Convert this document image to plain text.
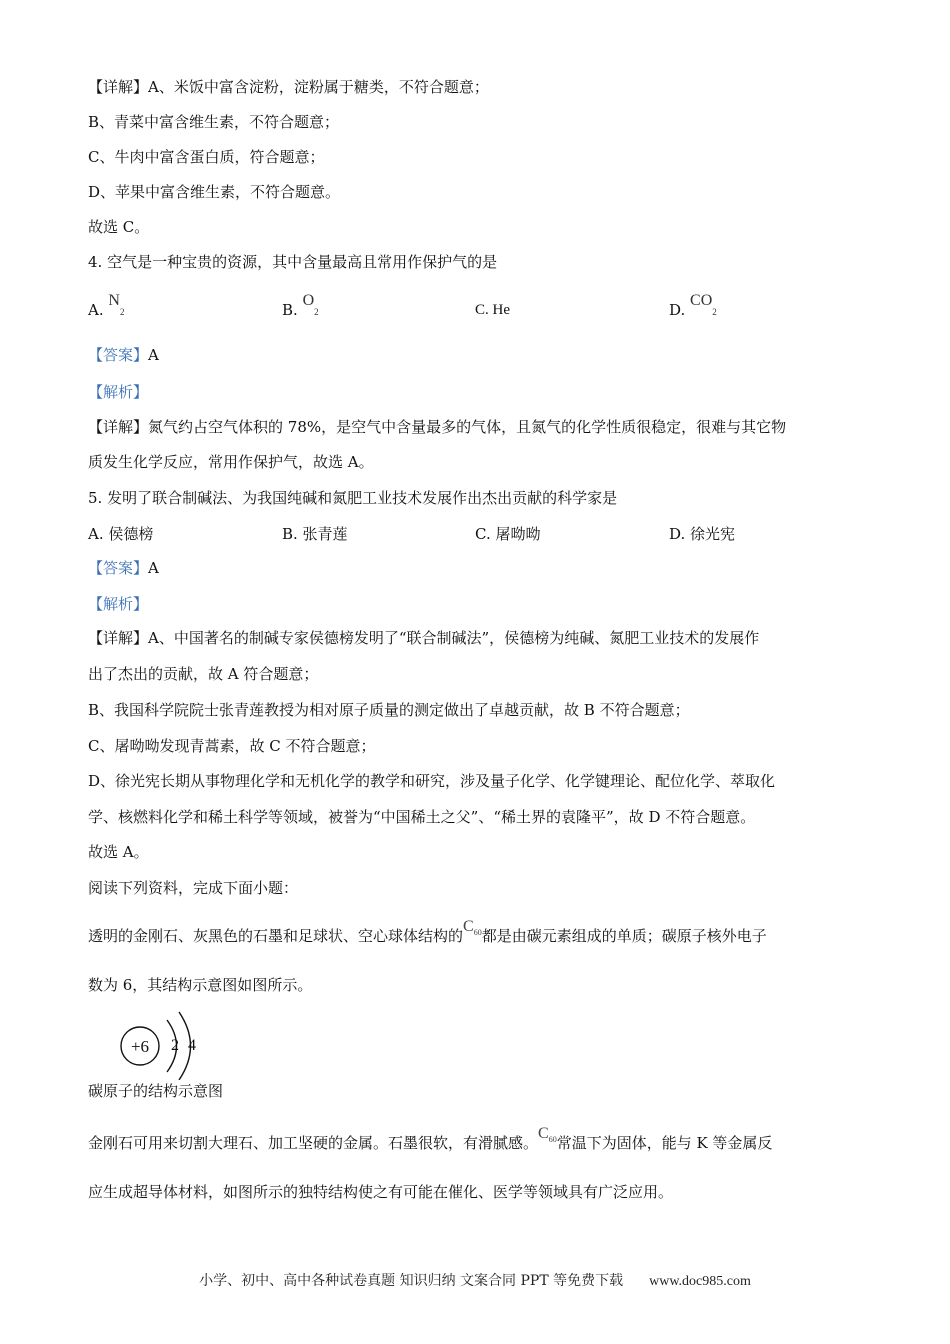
【详解】A、米饭中富含淀粉，淀粉属于糖类，不符合题意；
B、青菜中富含维生素，不符合题意；
C、牛肉中富含蛋白质，符合题意；
D、苹果中富含维生素，不符合题意。
故选 C。
4. 空气是一种宝贵的资源，其中含量最高且常用作保护气的是
A. $N_2$	B. $O_2$	C. He	D. $CO_2$
【答案】A
【解析】
【详解】氮气约占空气体积的 78%，是空气中含量最多的气体，且氮气的化学性质很稳定，很难与其它物
质发生化学反应，常用作保护气，故选 A。
5. 发明了联合制碱法、为我国纯碱和氮肥工业技术发展作出杰出贡献的科学家是
A. 侯德榜	B. 张青莲	C. 屠呦呦	D. 徐光宪
【答案】A
【解析】
【详解】A、中国著名的制碱专家侯德榜发明了“联合制碱法”，侯德榜为纯碱、氮肥工业技术的发展作
出了杰出的贡献，故 A 符合题意；
B、我国科学院院士张青莲教授为相对原子质量的测定做出了卓越贡献，故 B 不符合题意；
C、屠呦呦发现青蒿素，故 C 不符合题意；
D、徐光宪长期从事物理化学和无机化学的教学和研究，涉及量子化学、化学键理论、配位化学、萃取化
学、核燃料化学和稀土科学等领域，被誉为“中国稀土之父”、“稀土界的袁隆平”，故 D 不符合题意。
故选 A。
阅读下列资料，完成下面小题：
透明的金刚石、灰黑色的石墨和足球状、空心球体结构的$C_{60}$都是由碳元素组成的单质；碳原子核外电子
数为 6，其结构示意图如图所示。
+6 2 4
碳原子的结构示意图
金刚石可用来切割大理石、加工坚硬的金属。石墨很软，有滑腻感。$C_{60}$常温下为固体，能与 K 等金属反
应生成超导体材料，如图所示的独特结构使之有可能在催化、医学等领域具有广泛应用。
小学、初中、高中各种试卷真题 知识归纳 文案合同 PPT 等免费下载 www.doc985.com
